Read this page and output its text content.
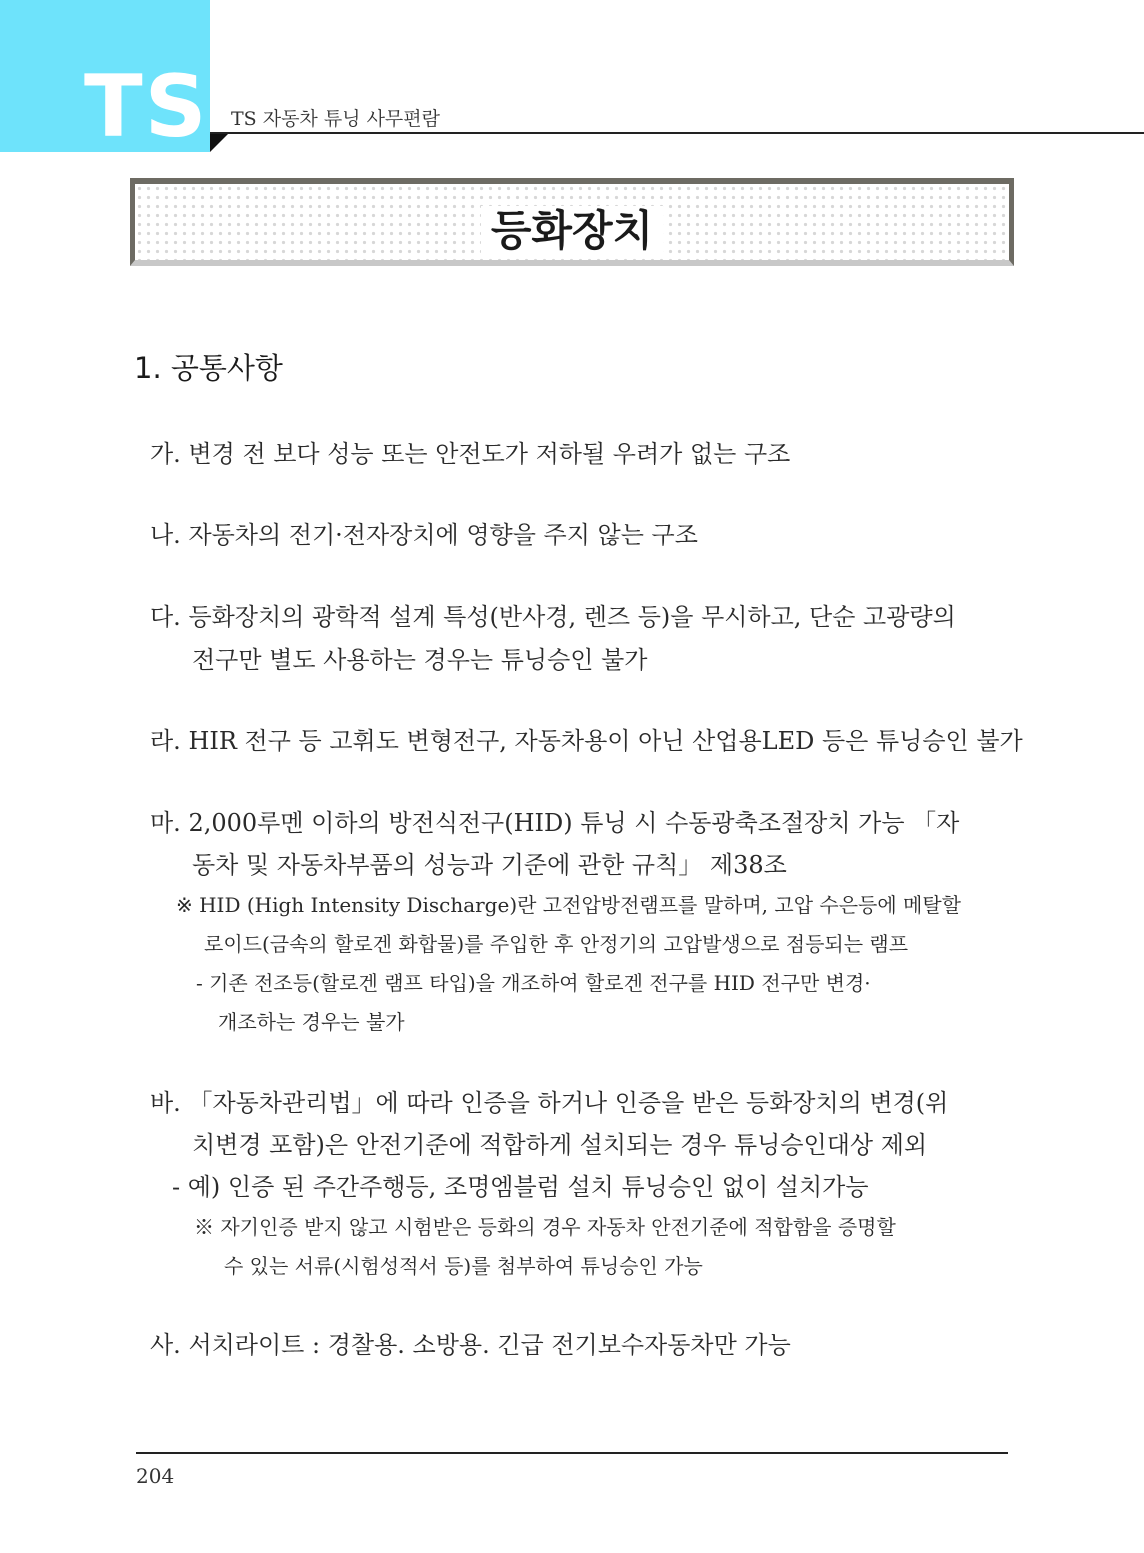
TS TS 자동차 튜닝 사무편람
등화장치
1. 공통사항
가. 변경 전 보다 성능 또는 안전도가 저하될 우려가 없는 구조
나. 자동차의 전기·전자장치에 영향을 주지 않는 구조
다. 등화장치의 광학적 설계 특성(반사경, 렌즈 등)을 무시하고, 단순 고광량의
전구만 별도 사용하는 경우는 튜닝승인 불가
라. HIR 전구 등 고휘도 변형전구, 자동차용이 아닌 산업용LED 등은 튜닝승인 불가
마. 2,000루멘 이하의 방전식전구(HID) 튜닝 시 수동광축조절장치 가능 「자
동차 및 자동차부품의 성능과 기준에 관한 규칙」 제38조
※ HID (High Intensity Discharge)란 고전압방전램프를 말하며, 고압 수은등에 메탈할
로이드(금속의 할로겐 화합물)를 주입한 후 안정기의 고압발생으로 점등되는 램프
- 기존 전조등(할로겐 램프 타입)을 개조하여 할로겐 전구를 HID 전구만 변경·
개조하는 경우는 불가
바. 「자동차관리법」에 따라 인증을 하거나 인증을 받은 등화장치의 변경(위
치변경 포함)은 안전기준에 적합하게 설치되는 경우 튜닝승인대상 제외
- 예) 인증 된 주간주행등, 조명엠블럼 설치 튜닝승인 없이 설치가능
※ 자기인증 받지 않고 시험받은 등화의 경우 자동차 안전기준에 적합함을 증명할
수 있는 서류(시험성적서 등)를 첨부하여 튜닝승인 가능
사. 서치라이트 : 경찰용. 소방용. 긴급 전기보수자동차만 가능
204
